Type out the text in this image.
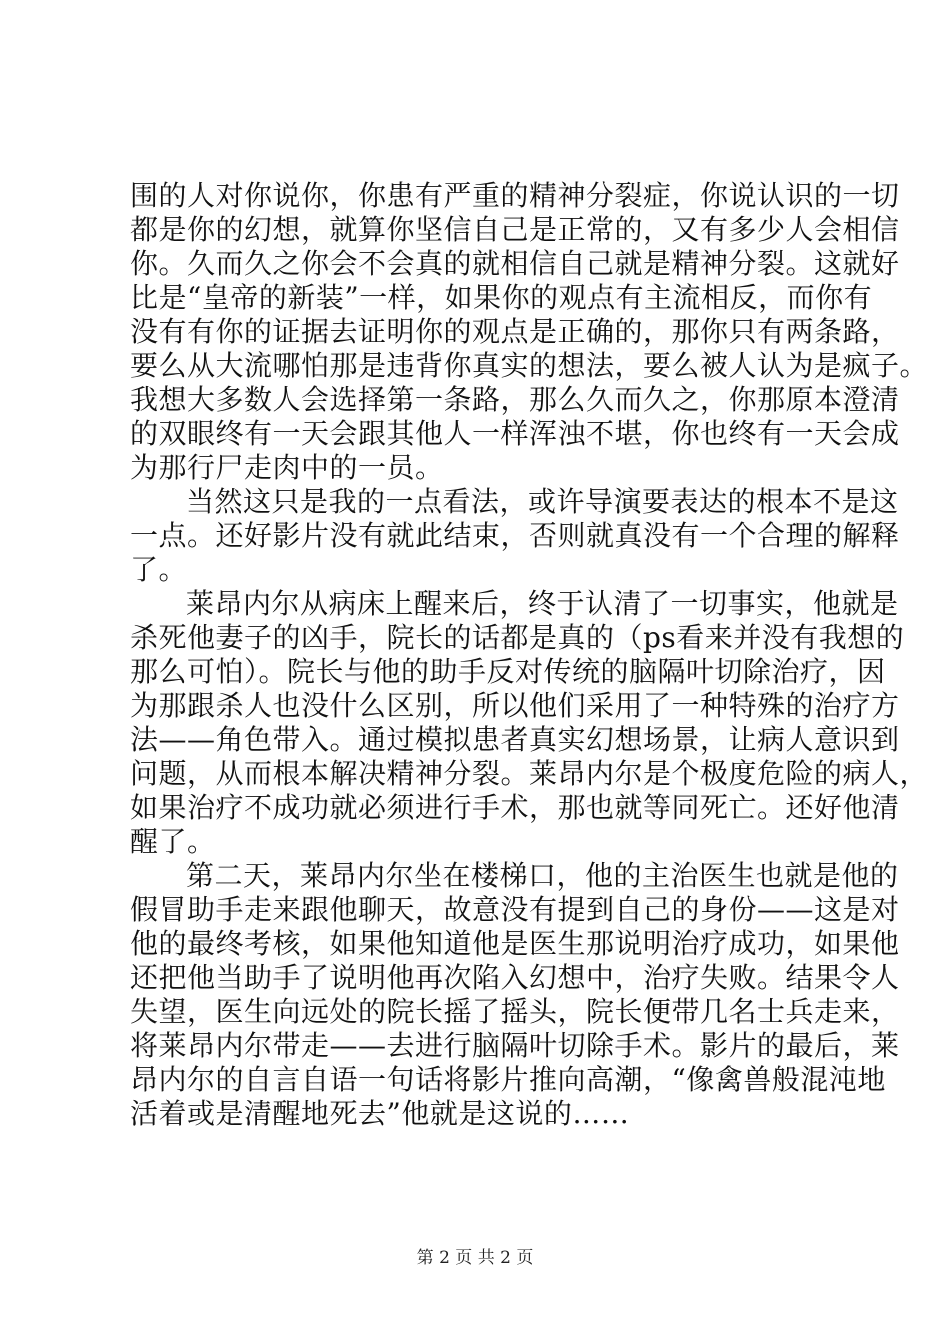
围的人对你说你，你患有严重的精神分裂症，你说认识的一切
都是你的幻想，就算你坚信自己是正常的，又有多少人会相信
你。久而久之你会不会真的就相信自己就是精神分裂。这就好
比是“皇帝的新装”一样，如果你的观点有主流相反，而你有
没有有你的证据去证明你的观点是正确的，那你只有两条路，
要么从大流哪怕那是违背你真实的想法，要么被人认为是疯子。
我想大多数人会选择第一条路，那么久而久之，你那原本澄清
的双眼终有一天会跟其他人一样浑浊不堪，你也终有一天会成
为那行尸走肉中的一员。
当然这只是我的一点看法，或许导演要表达的根本不是这
一点。还好影片没有就此结束，否则就真没有一个合理的解释
了。
莱昂内尔从病床上醒来后，终于认清了一切事实，他就是
杀死他妻子的凶手，院长的话都是真的（ps看来并没有我想的
那么可怕）。院长与他的助手反对传统的脑隔叶切除治疗，因
为那跟杀人也没什么区别，所以他们采用了一种特殊的治疗方
法——角色带入。通过模拟患者真实幻想场景，让病人意识到
问题，从而根本解决精神分裂。莱昂内尔是个极度危险的病人，
如果治疗不成功就必须进行手术，那也就等同死亡。还好他清
醒了。
第二天，莱昂内尔坐在楼梯口，他的主治医生也就是他的
假冒助手走来跟他聊天，故意没有提到自己的身份——这是对
他的最终考核，如果他知道他是医生那说明治疗成功，如果他
还把他当助手了说明他再次陷入幻想中，治疗失败。结果令人
失望，医生向远处的院长摇了摇头，院长便带几名士兵走来，
将莱昂内尔带走——去进行脑隔叶切除手术。影片的最后，莱
昂内尔的自言自语一句话将影片推向高潮，“像禽兽般混沌地
活着或是清醒地死去”他就是这说的……
第 2 页 共 2 页
